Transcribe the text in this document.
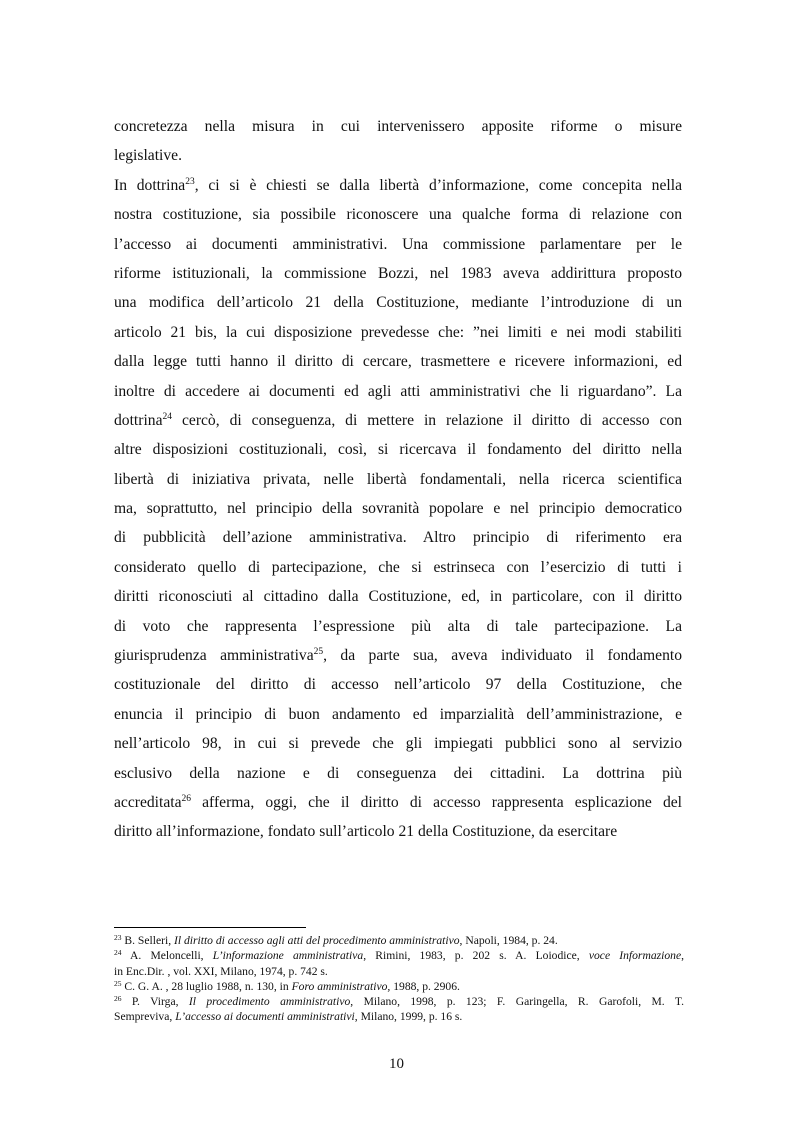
concretezza nella misura in cui intervenissero apposite riforme o misure
legislative.
In dottrina$^{23}$, ci si è chiesti se dalla libertà d’informazione, come concepita nella
nostra costituzione, sia possibile riconoscere una qualche forma di relazione con
l’accesso ai documenti amministrativi. Una commissione parlamentare per le
riforme istituzionali, la commissione Bozzi, nel 1983 aveva addirittura proposto
una modifica dell’articolo 21 della Costituzione, mediante l’introduzione di un
articolo 21 bis, la cui disposizione prevedesse che: ”nei limiti e nei modi stabiliti
dalla legge tutti hanno il diritto di cercare, trasmettere e ricevere informazioni, ed
inoltre di accedere ai documenti ed agli atti amministrativi che li riguardano”. La
dottrina$^{24}$ cercò, di conseguenza, di mettere in relazione il diritto di accesso con
altre disposizioni costituzionali, così, si ricercava il fondamento del diritto nella
libertà di iniziativa privata, nelle libertà fondamentali, nella ricerca scientifica
ma, soprattutto, nel principio della sovranità popolare e nel principio democratico
di pubblicità dell’azione amministrativa. Altro principio di riferimento era
considerato quello di partecipazione, che si estrinseca con l’esercizio di tutti i
diritti riconosciuti al cittadino dalla Costituzione, ed, in particolare, con il diritto
di voto che rappresenta l’espressione più alta di tale partecipazione. La
giurisprudenza amministrativa$^{25}$, da parte sua, aveva individuato il fondamento
costituzionale del diritto di accesso nell’articolo 97 della Costituzione, che
enuncia il principio di buon andamento ed imparzialità dell’amministrazione, e
nell’articolo 98, in cui si prevede che gli impiegati pubblici sono al servizio
esclusivo della nazione e di conseguenza dei cittadini. La dottrina più
accreditata$^{26}$ afferma, oggi, che il diritto di accesso rappresenta esplicazione del
diritto all’informazione, fondato sull’articolo 21 della Costituzione, da esercitare
$^{23}$ B. Selleri, Il diritto di accesso agli atti del procedimento amministrativo, Napoli, 1984, p. 24.
$^{24}$ A. Meloncelli, L’informazione amministrativa, Rimini, 1983, p. 202 s. A. Loiodice, voce Informazione,
in Enc.Dir. , vol. XXI, Milano, 1974, p. 742 s.
$^{25}$ C. G. A. , 28 luglio 1988, n. 130, in Foro amministrativo, 1988, p. 2906.
$^{26}$ P. Virga, Il procedimento amministrativo, Milano, 1998, p. 123; F. Garingella, R. Garofoli, M. T.
Sempreviva, L’accesso ai documenti amministrativi, Milano, 1999, p. 16 s.
10
